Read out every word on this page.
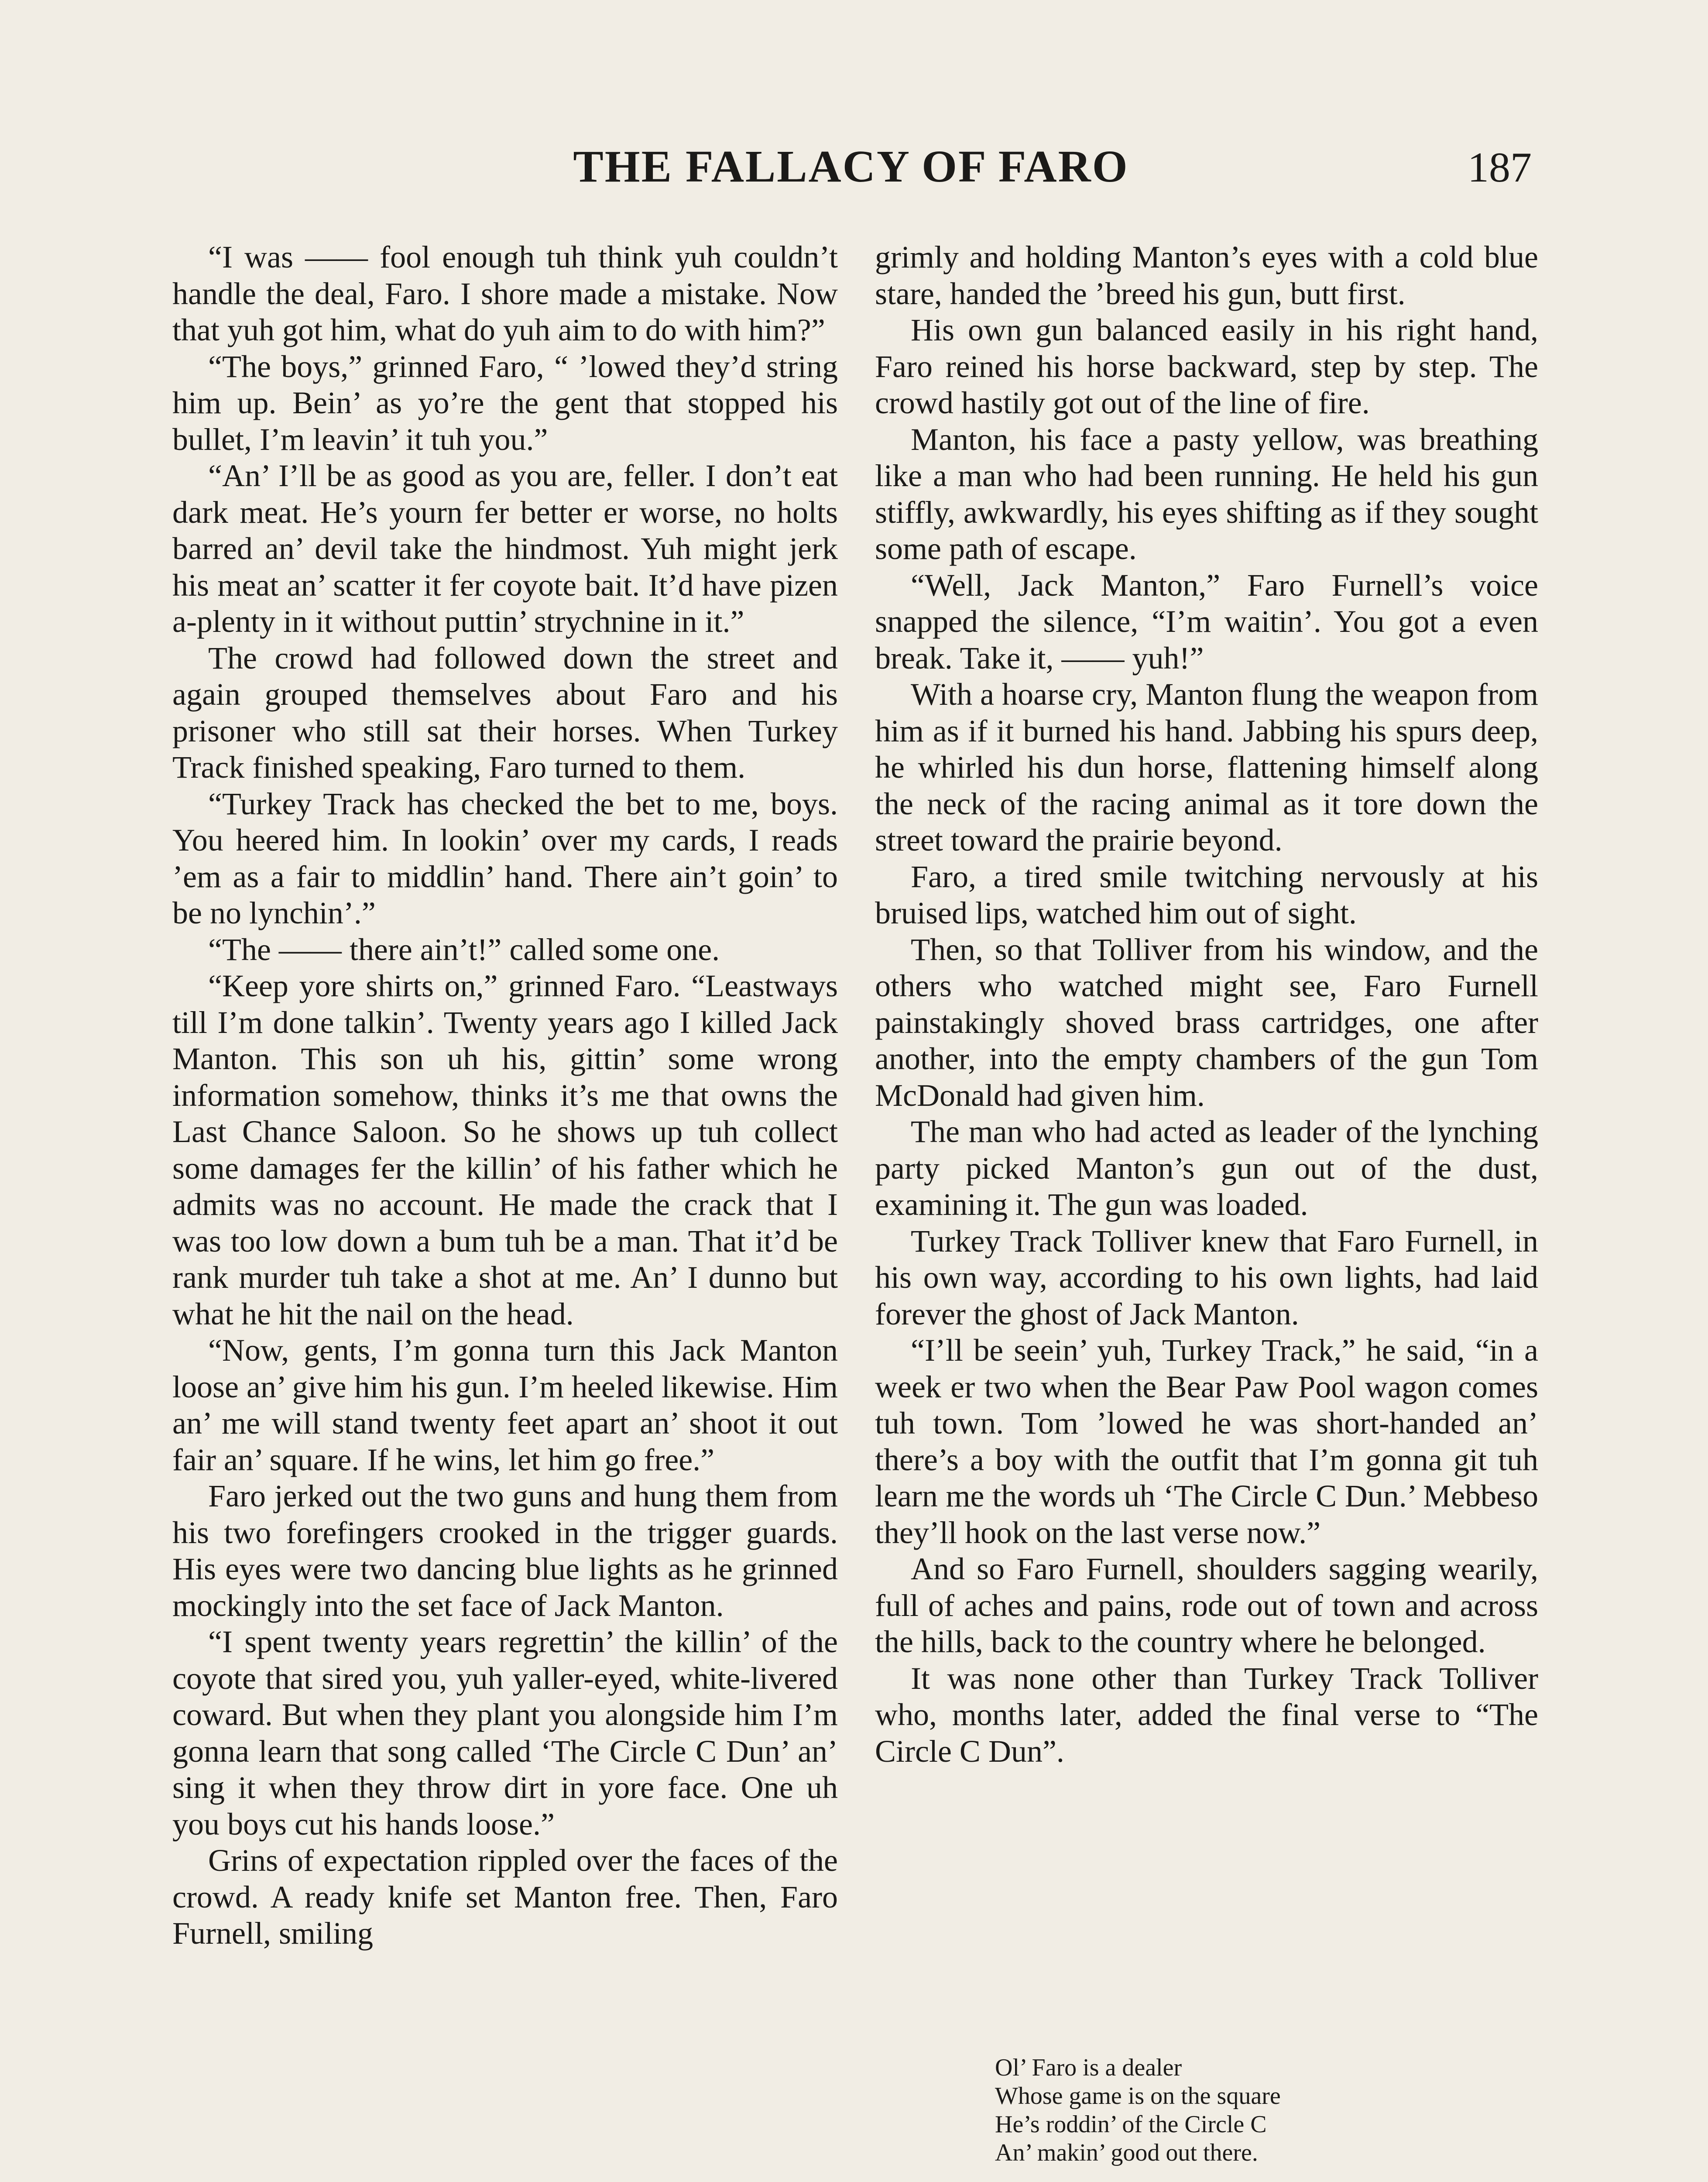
THE FALLACY OF FARO	187

“I was —— fool enough tuh think yuh couldn’t handle the deal, Faro. I shore made a mistake. Now that yuh got him, what do yuh aim to do with him?”

“The boys,” grinned Faro, “ ’lowed they’d string him up. Bein’ as yo’re the gent that stopped his bullet, I’m leavin’ it tuh you.”

“An’ I’ll be as good as you are, feller. I don’t eat dark meat. He’s yourn fer better er worse, no holts barred an’ devil take the hindmost. Yuh might jerk his meat an’ scatter it fer coyote bait. It’d have pizen a-plenty in it without puttin’ strychnine in it.”

The crowd had followed down the street and again grouped themselves about Faro and his prisoner who still sat their horses. When Turkey Track finished speaking, Faro turned to them.

“Turkey Track has checked the bet to me, boys. You heered him. In lookin’ over my cards, I reads ’em as a fair to middlin’ hand. There ain’t goin’ to be no lynchin’.”

“The —— there ain’t!” called some one.

“Keep yore shirts on,” grinned Faro. “Leastways till I’m done talkin’. Twenty years ago I killed Jack Manton. This son uh his, gittin’ some wrong information somehow, thinks it’s me that owns the Last Chance Saloon. So he shows up tuh collect some damages fer the killin’ of his father which he admits was no account. He made the crack that I was too low down a bum tuh be a man. That it’d be rank murder tuh take a shot at me. An’ I dunno but what he hit the nail on the head.

“Now, gents, I’m gonna turn this Jack Manton loose an’ give him his gun. I’m heeled likewise. Him an’ me will stand twenty feet apart an’ shoot it out fair an’ square. If he wins, let him go free.”

Faro jerked out the two guns and hung them from his two forefingers crooked in the trigger guards. His eyes were two dancing blue lights as he grinned mockingly into the set face of Jack Manton.

“I spent twenty years regrettin’ the killin’ of the coyote that sired you, yuh yaller-eyed, white-livered coward. But when they plant you alongside him I’m gonna learn that song called ‘The Circle C Dun’ an’ sing it when they throw dirt in yore face. One uh you boys cut his hands loose.”

Grins of expectation rippled over the faces of the crowd. A ready knife set Manton free. Then, Faro Furnell, smiling

grimly and holding Manton’s eyes with a cold blue stare, handed the ’breed his gun, butt first.

His own gun balanced easily in his right hand, Faro reined his horse backward, step by step. The crowd hastily got out of the line of fire.

Manton, his face a pasty yellow, was breathing like a man who had been running. He held his gun stiffly, awkwardly, his eyes shifting as if they sought some path of escape.

“Well, Jack Manton,” Faro Furnell’s voice snapped the silence, “I’m waitin’. You got a even break. Take it, —— yuh!”

With a hoarse cry, Manton flung the weapon from him as if it burned his hand. Jabbing his spurs deep, he whirled his dun horse, flattening himself along the neck of the racing animal as it tore down the street toward the prairie beyond.

Faro, a tired smile twitching nervously at his bruised lips, watched him out of sight.

Then, so that Tolliver from his window, and the others who watched might see, Faro Furnell painstakingly shoved brass cartridges, one after another, into the empty chambers of the gun Tom McDonald had given him.

The man who had acted as leader of the lynching party picked Manton’s gun out of the dust, examining it. The gun was loaded.

Turkey Track Tolliver knew that Faro Furnell, in his own way, according to his own lights, had laid forever the ghost of Jack Manton.

“I’ll be seein’ yuh, Turkey Track,” he said, “in a week er two when the Bear Paw Pool wagon comes tuh town. Tom ’lowed he was short-handed an’ there’s a boy with the outfit that I’m gonna git tuh learn me the words uh ‘The Circle C Dun.’ Mebbeso they’ll hook on the last verse now.”

And so Faro Furnell, shoulders sagging wearily, full of aches and pains, rode out of town and across the hills, back to the country where he belonged.

It was none other than Turkey Track Tolliver who, months later, added the final verse to “The Circle C Dun”.

Ol’ Faro is a dealer
Whose game is on the square
He’s roddin’ of the Circle C
An’ makin’ good out there.
